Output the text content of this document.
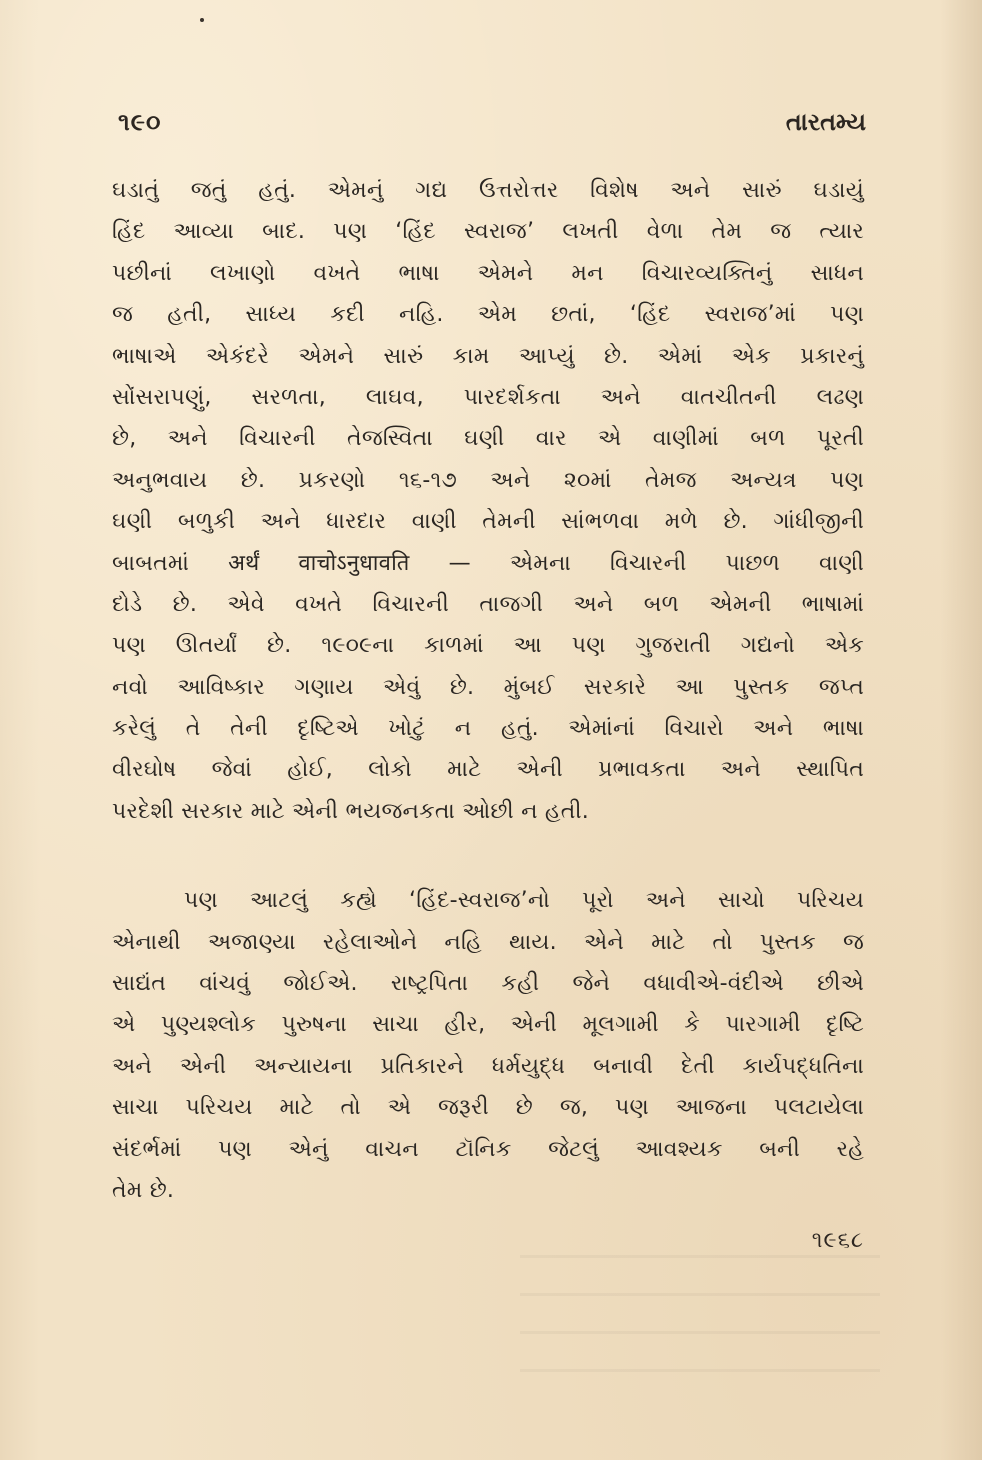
૧૯૦	તારતમ્ય
ઘડાતું જતું હતું. એમનું ગદ્ય ઉત્તરોત્તર વિશેષ અને સારું ઘડાયું
હિંદ આવ્યા બાદ. પણ ‘હિંદ સ્વરાજ’ લખતી વેળા તેમ જ ત્યાર
પછીનાં લખાણો વખતે ભાષા એમને મન વિચારવ્યક્તિનું સાધન
જ હતી, સાધ્ય કદી નહિ. એમ છતાં, ‘હિંદ સ્વરાજ’માં પણ
ભાષાએ એકંદરે એમને સારું કામ આપ્યું છે. એમાં એક પ્રકારનું
સોંસરાપણું, સરળતા, લાઘવ, પારદર્શકતા અને વાતચીતની લઢણ
છે, અને વિચારની તેજસ્વિતા ઘણી વાર એ વાણીમાં બળ પૂરતી
અનુભવાય છે. પ્રકરણો ૧૬-૧૭ અને ૨૦માં તેમજ અન્યત્ર પણ
ઘણી બળુકી અને ધારદાર વાણી તેમની સાંભળવા મળે છે. ગાંધીજીની
બાબતમાં अर्थं वाचोऽनुधावति — એમના વિચારની પાછળ વાણી
દોડે છે. એવે વખતે વિચારની તાજગી અને બળ એમની ભાષામાં
પણ ઊતર્યાં છે. ૧૯૦૯ના કાળમાં આ પણ ગુજરાતી ગદ્યનો એક
નવો આવિષ્કાર ગણાય એવું છે. મુંબઈ સરકારે આ પુસ્તક જપ્ત
કરેલું તે તેની દૃષ્ટિએ ખોટું ન હતું. એમાંનાં વિચારો અને ભાષા
વીરઘોષ જેવાં હોઈ, લોકો માટે એની પ્રભાવકતા અને સ્થાપિત
પરદેશી સરકાર માટે એની ભયજનકતા ઓછી ન હતી.
પણ આટલું કહ્યે ‘હિંદ-સ્વરાજ’નો પૂરો અને સાચો પરિચય
એનાથી અજાણ્યા રહેલાઓને નહિ થાય. એને માટે તો પુસ્તક જ
સાદ્યંત વાંચવું જોઈએ. રાષ્ટ્રપિતા કહી જેને વધાવીએ-વંદીએ છીએ
એ પુણ્યશ્લોક પુરુષના સાચા હીર, એની મૂલગામી કે પારગામી દૃષ્ટિ
અને એની અન્યાયના પ્રતિકારને ધર્મયુદ્ધ બનાવી દેતી કાર્યપદ્ધતિના
સાચા પરિચય માટે તો એ જરૂરી છે જ, પણ આજના પલટાયેલા
સંદર્ભમાં પણ એનું વાચન ટૉનિક જેટલું આવશ્યક બની રહે
તેમ છે.
૧૯૬૮
